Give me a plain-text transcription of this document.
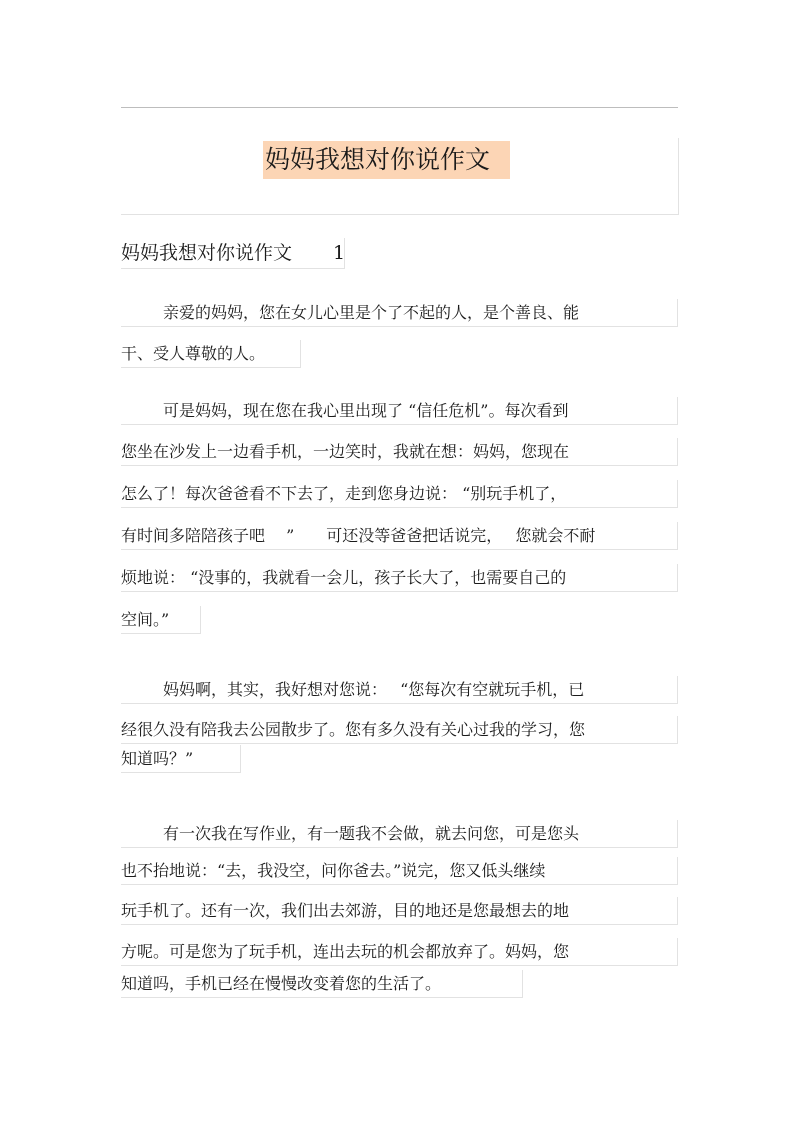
妈妈我想对你说作文
妈妈我想对你说作文 1
亲爱的妈妈，您在女儿心里是个了不起的人，是个善良、能
干、受人尊敬的人。
可是妈妈，现在您在我心里出现了 “信任危机”。每次看到
您坐在沙发上一边看手机，一边笑时，我就在想：妈妈，您现在
怎么了！每次爸爸看不下去了，走到您身边说： “别玩手机了，
有时间多陪陪孩子吧　 ”　　可还没等爸爸把话说完，　 您就会不耐
烦地说： “没事的，我就看一会儿，孩子长大了，也需要自己的
空间。”
妈妈啊，其实，我好想对您说：　 “您每次有空就玩手机，已
经很久没有陪我去公园散步了。您有多久没有关心过我的学习，您
知道吗？”
有一次我在写作业，有一题我不会做，就去问您，可是您头
也不抬地说：“去，我没空，问你爸去。”说完，您又低头继续
玩手机了。还有一次，我们出去郊游，目的地还是您最想去的地
方呢。可是您为了玩手机，连出去玩的机会都放弃了。妈妈，您
知道吗，手机已经在慢慢改变着您的生活了。
